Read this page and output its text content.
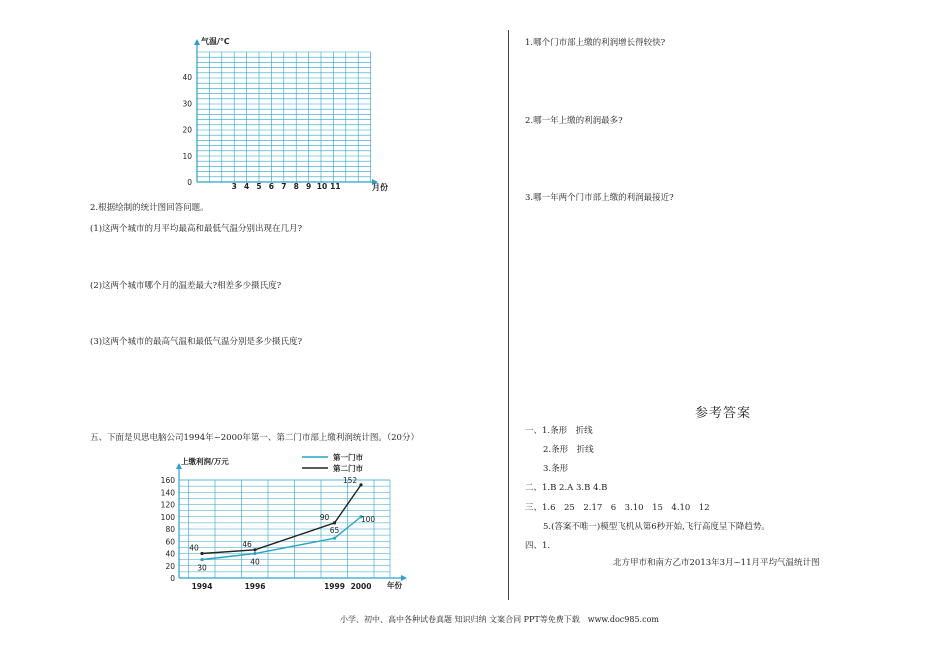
气温/℃
月份
40
30
20
10
0	3 4 5 6 7 8 9 10 11
2.根据绘制的统计图回答问题。
(1)这两个城市的月平均最高和最低气温分别出现在几月?
(2)这两个城市哪个月的温差最大?相差多少摄氏度?
(3)这两个城市的最高气温和最低气温分别是多少摄氏度?
五、下面是贝思电脑公司1994年~2000年第一、第二门市部上缴利润统计图。（20分）
上缴利润/万元
年份
第一门市
第二门市
0
20
40
60
80
100
120
140
160
1994	1996	1999 2000
30
40
65
100
40	46
90
152
1.哪个门市部上缴的利润增长得较快?
2.哪一年上缴的利润最多?
3.哪一年两个门市部上缴的利润最接近?
参考答案
一、1.条形　折线
2.条形　折线
3.条形
二、1.B 2.A 3.B 4.B
三、1.6　25　2.17　6　3.10　15　4.10　12
5.(答案不唯一)模型飞机从第6秒开始,飞行高度呈下降趋势。
四、1.
北方甲市和南方乙市2013年3月~11月平均气温统计图
小学、初中、高中各种试卷真题 知识归纳 文案合同 PPT等免费下载　www.doc985.com
